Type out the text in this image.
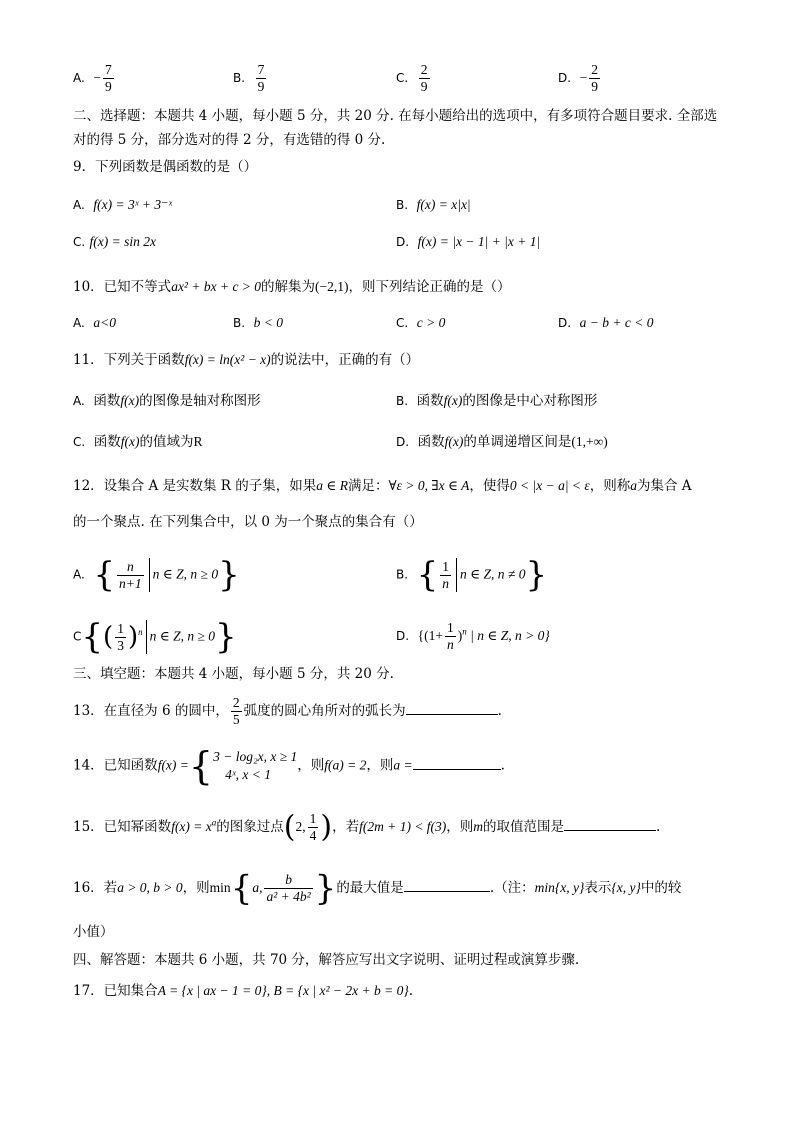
A. − $\frac{7}{9}$	B. $\frac{7}{9}$	C. $\frac{2}{9}$	D. − $\frac{2}{9}$
二、选择题：本题共 4 小题，每小题 5 分，共 20 分. 在每小题给出的选项中，有多项符合题目要求. 全部选
对的得 5 分，部分选对的得 2 分，有选错的得 0 分.
9．下列函数是偶函数的是（）
A. f(x) = 3ˣ + 3⁻ˣ	B. f(x) = x|x|
C. f(x) = sin 2x	D. f(x) = |x − 1| + |x + 1|
10．已知不等式ax² + bx + c > 0的解集为(−2,1)，则下列结论正确的是（）
A. a<0	B. b < 0	C. c > 0	D. a − b + c < 0
11．下列关于函数f(x) = ln(x² − x)的说法中，正确的有（）
A. 函数f(x)的图像是轴对称图形	B. 函数f(x)的图像是中心对称图形
C. 函数f(x)的值域为R	D. 函数f(x)的单调递增区间是(1,+∞)
12．设集合 A 是实数集 R 的子集，如果a ∈ R满足：∀ε > 0, ∃x ∈ A，使得0 < |x − a| < ε，则称a为集合 A
的一个聚点. 在下列集合中，以 0 为一个聚点的集合有（）
A. { $\frac{n}{n+1}$ n ∈ Z, n ≥ 0}	B. { $\frac{1}{n}$ n ∈ Z, n ≠ 0}
$C\{( \frac{1}{3} )^n$ n ∈ Z, n ≥ 0}	D. {$(1+ \frac{1}{n} )^n$ | n ∈ Z, n > 0}
三、填空题：本题共 4 小题，每小题 5 分，共 20 分.
13．在直径为 6 的圆中， $\frac{2}{5}$ 弧度的圆心角所对的弧长为	.
14．已知函数f(x) ={ 3 − log₂x, x ≥ 1
4ˣ, x < 1
，则f(a) = 2，则a =	.
15．已知幂函数$f(x) = x^a$的图象过点(2, $\frac{1}{4}$ )，若f(2m + 1) < f(3)，则m的取值范围是	.
16．若a > 0, b > 0，则min{a, $\frac{b}{\text{a² + 4b²}}$ }的最大值是	.（注：min{x, y}表示{x, y}中的较
小值）
四、解答题：本题共 6 小题，共 70 分，解答应写出文字说明、证明过程或演算步骤.
17．已知集合A = {x | ax − 1 = 0}, B = {x | x² − 2x + b = 0}.
